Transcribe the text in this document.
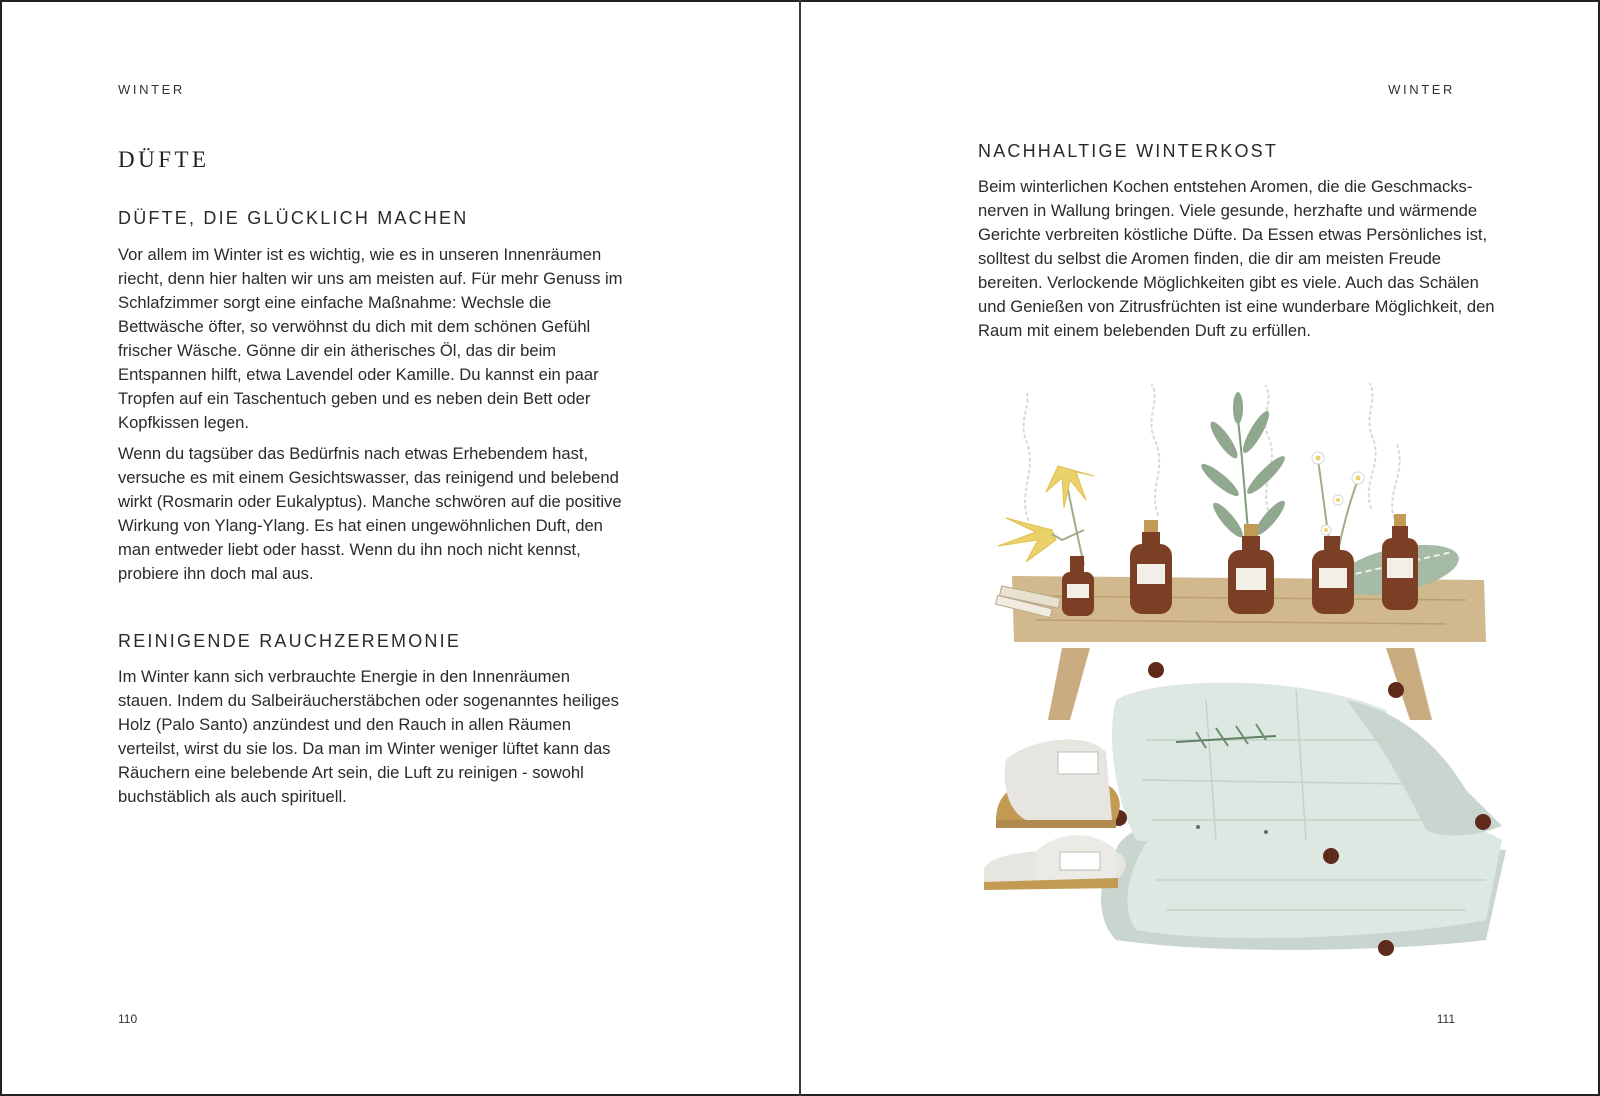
WINTER
DÜFTE
DÜFTE, DIE GLÜCKLICH MACHEN

Vor allem im Winter ist es wichtig, wie es in unseren Innenräumen riecht, denn hier halten wir uns am meisten auf. Für mehr Genuss im Schlafzimmer sorgt eine einfache Maßnahme: Wechsle die Bettwäsche öfter, so verwöhnst du dich mit dem schönen Gefühl frischer Wäsche. Gönne dir ein ätherisches Öl, das dir beim Entspannen hilft, etwa Lavendel oder Kamille. Du kannst ein paar Tropfen auf ein Taschentuch geben und es neben dein Bett oder Kopfkissen legen.

Wenn du tagsüber das Bedürfnis nach etwas Erhebendem hast, versuche es mit einem Gesichtswasser, das reinigend und belebend wirkt (Rosmarin oder Eukalyptus). Manche schwören auf die positive Wirkung von Ylang-Ylang. Es hat einen ungewöhnlichen Duft, den man entweder liebt oder hasst. Wenn du ihn noch nicht kennst, probiere ihn doch mal aus.

REINIGENDE RAUCHZEREMONIE

Im Winter kann sich verbrauchte Energie in den Innenräumen stauen. Indem du Salbeiräucherstäbchen oder sogenanntes heiliges Holz (Palo Santo) anzündest und den Rauch in allen Räumen verteilst, wirst du sie los. Da man im Winter weniger lüftet kann das Räuchern eine belebende Art sein, die Luft zu reinigen - sowohl buchstäblich als auch spirituell.

110
WINTER
NACHHALTIGE WINTERKOST

Beim winterlichen Kochen entstehen Aromen, die die Geschmacks-nerven in Wallung bringen. Viele gesunde, herzhafte und wärmende Gerichte verbreiten köstliche Düfte. Da Essen etwas Persönliches ist, solltest du selbst die Aromen finden, die dir am meisten Freude bereiten. Verlockende Möglichkeiten gibt es viele. Auch das Schälen und Genießen von Zitrusfrüchten ist eine wunderbare Möglichkeit, den Raum mit einem belebenden Duft zu erfüllen.

111
